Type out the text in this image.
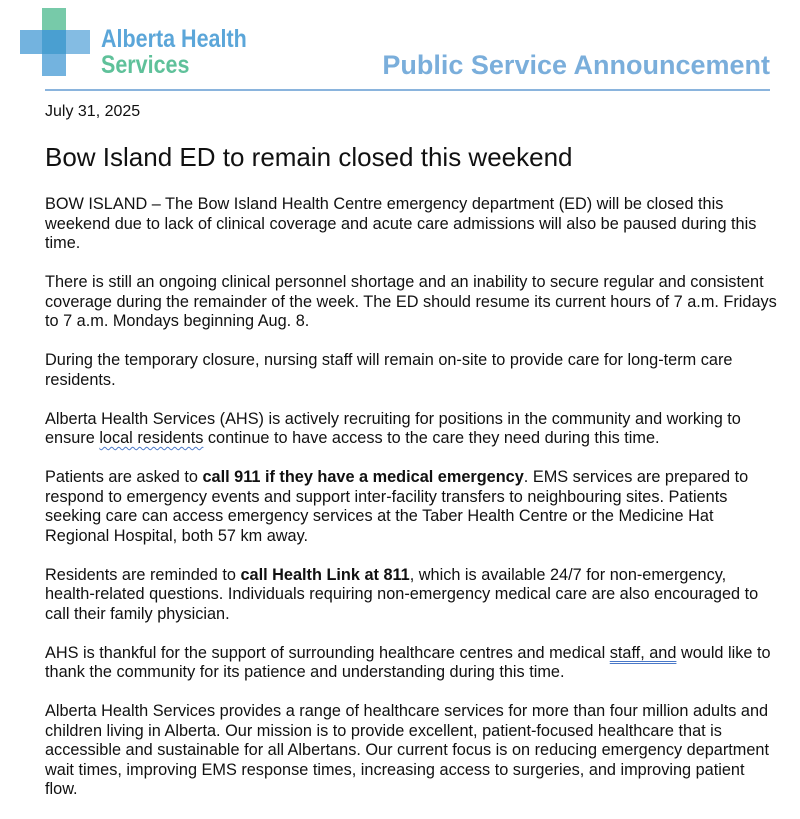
Alberta Health
Services	Public Service Announcement
July 31, 2025
Bow Island ED to remain closed this weekend

BOW ISLAND – The Bow Island Health Centre emergency department (ED) will be closed this weekend due to lack of clinical coverage and acute care admissions will also be paused during this time.

There is still an ongoing clinical personnel shortage and an inability to secure regular and consistent coverage during the remainder of the week. The ED should resume its current hours of 7 a.m. Fridays to 7 a.m. Mondays beginning Aug. 8.

During the temporary closure, nursing staff will remain on-site to provide care for long-term care residents.

Alberta Health Services (AHS) is actively recruiting for positions in the community and working to ensure local residents continue to have access to the care they need during this time.

Patients are asked to call 911 if they have a medical emergency. EMS services are prepared to respond to emergency events and support inter-facility transfers to neighbouring sites. Patients seeking care can access emergency services at the Taber Health Centre or the Medicine Hat Regional Hospital, both 57 km away.

Residents are reminded to call Health Link at 811, which is available 24/7 for non-emergency, health-related questions. Individuals requiring non-emergency medical care are also encouraged to call their family physician.

AHS is thankful for the support of surrounding healthcare centres and medical staff, and would like to thank the community for its patience and understanding during this time.

Alberta Health Services provides a range of healthcare services for more than four million adults and children living in Alberta. Our mission is to provide excellent, patient-focused healthcare that is accessible and sustainable for all Albertans. Our current focus is on reducing emergency department wait times, improving EMS response times, increasing access to surgeries, and improving patient flow.
